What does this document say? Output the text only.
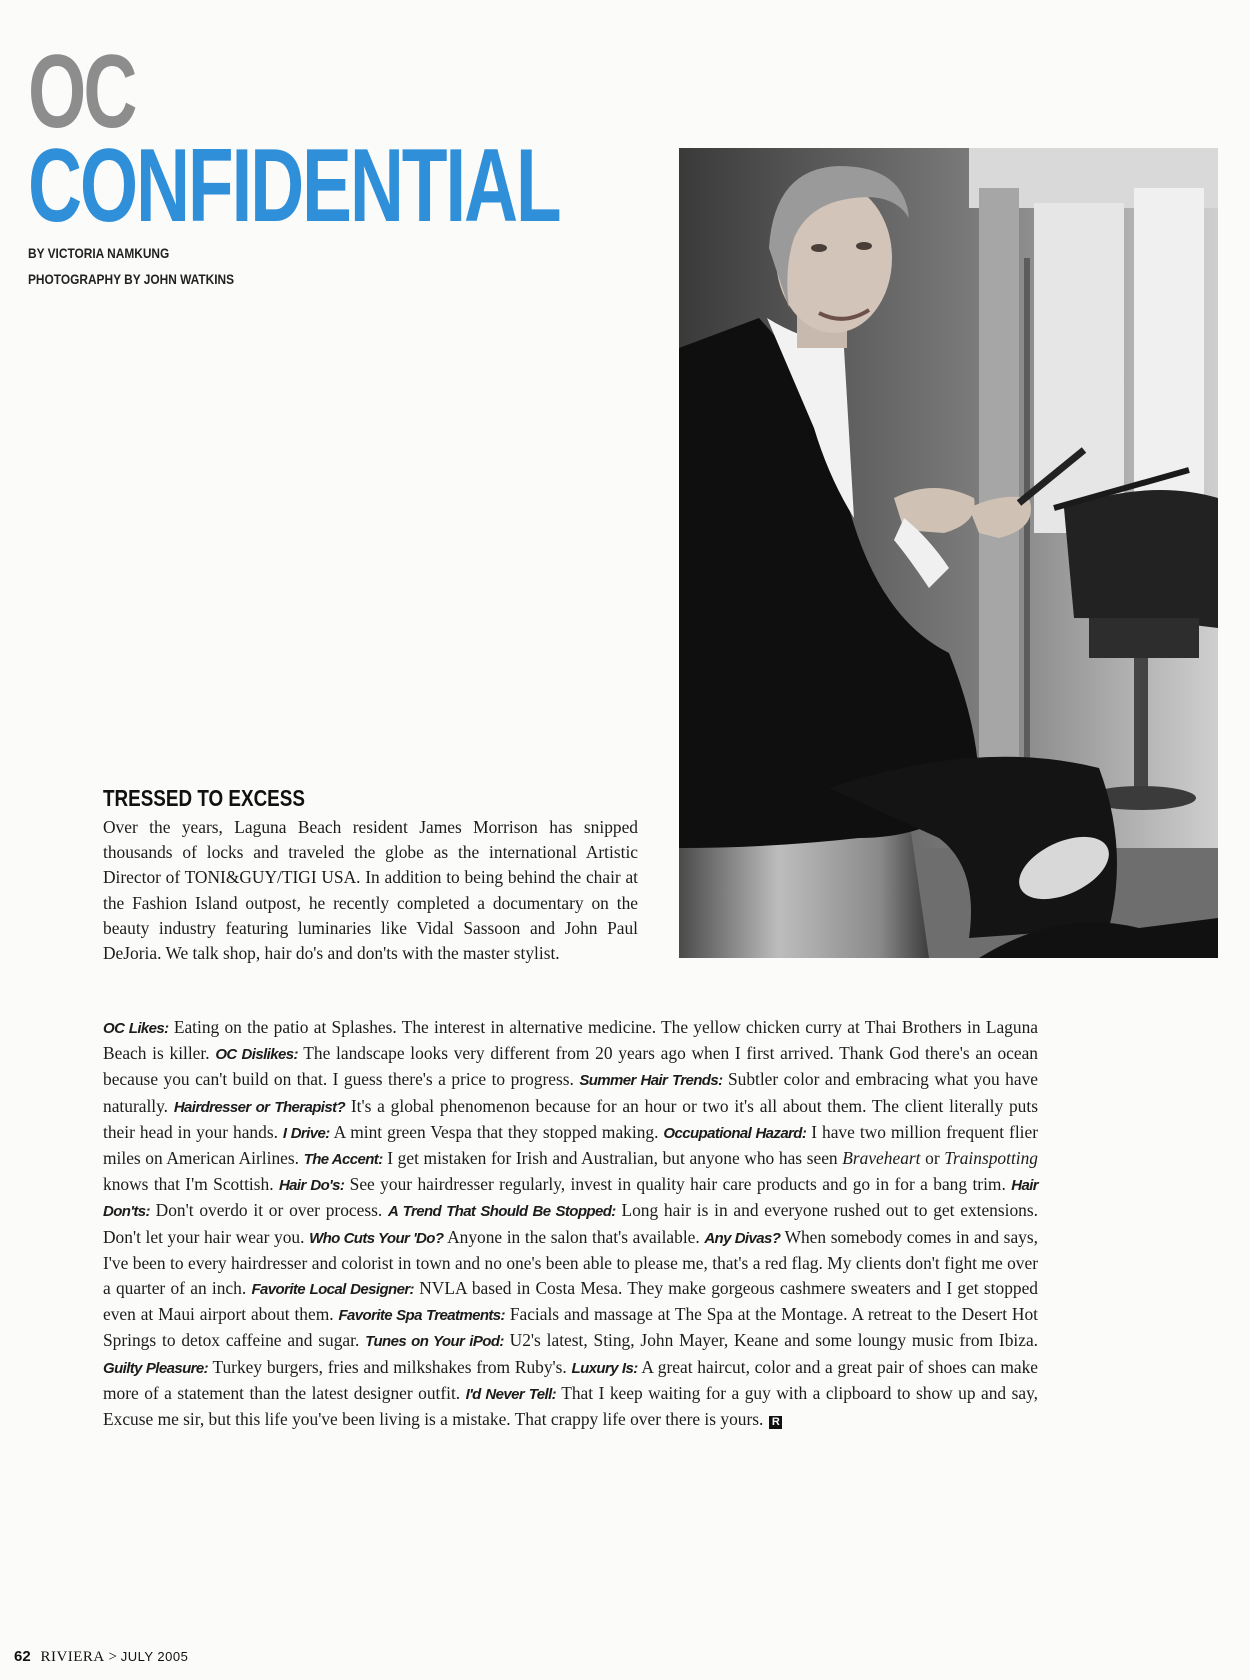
OC
CONFIDENTIAL
BY VICTORIA NAMKUNG
PHOTOGRAPHY BY JOHN WATKINS
TRESSED TO EXCESS
Over the years, Laguna Beach resident James Morrison has snipped thousands of locks and traveled the globe as the international Artistic Director of TONI&GUY/TIGI USA. In addition to being behind the chair at the Fashion Island outpost, he recently completed a documentary on the beauty industry featuring luminaries like Vidal Sassoon and John Paul DeJoria. We talk shop, hair do's and don'ts with the master stylist.
OC Likes: Eating on the patio at Splashes. The interest in alternative medicine. The yellow chicken curry at Thai Brothers in Laguna Beach is killer. OC Dislikes: The landscape looks very different from 20 years ago when I first arrived. Thank God there's an ocean because you can't build on that. I guess there's a price to progress. Summer Hair Trends: Subtler color and embracing what you have naturally. Hairdresser or Therapist? It's a global phenomenon because for an hour or two it's all about them. The client literally puts their head in your hands. I Drive: A mint green Vespa that they stopped making. Occupational Hazard: I have two million frequent flier miles on American Airlines. The Accent: I get mistaken for Irish and Australian, but anyone who has seen Braveheart or Trainspotting knows that I'm Scottish. Hair Do's: See your hairdresser regularly, invest in quality hair care products and go in for a bang trim. Hair Don'ts: Don't overdo it or over process. A Trend That Should Be Stopped: Long hair is in and everyone rushed out to get extensions. Don't let your hair wear you. Who Cuts Your 'Do? Anyone in the salon that's available. Any Divas? When somebody comes in and says, I've been to every hairdresser and colorist in town and no one's been able to please me, that's a red flag. My clients don't fight me over a quarter of an inch. Favorite Local Designer: NVLA based in Costa Mesa. They make gorgeous cashmere sweaters and I get stopped even at Maui airport about them. Favorite Spa Treatments: Facials and massage at The Spa at the Montage. A retreat to the Desert Hot Springs to detox caffeine and sugar. Tunes on Your iPod: U2's latest, Sting, John Mayer, Keane and some loungy music from Ibiza. Guilty Pleasure: Turkey burgers, fries and milkshakes from Ruby's. Luxury Is: A great haircut, color and a great pair of shoes can make more of a statement than the latest designer outfit. I'd Never Tell: That I keep waiting for a guy with a clipboard to show up and say, Excuse me sir, but this life you've been living is a mistake. That crappy life over there is yours. R
62 RIVIERA > JULY 2005
